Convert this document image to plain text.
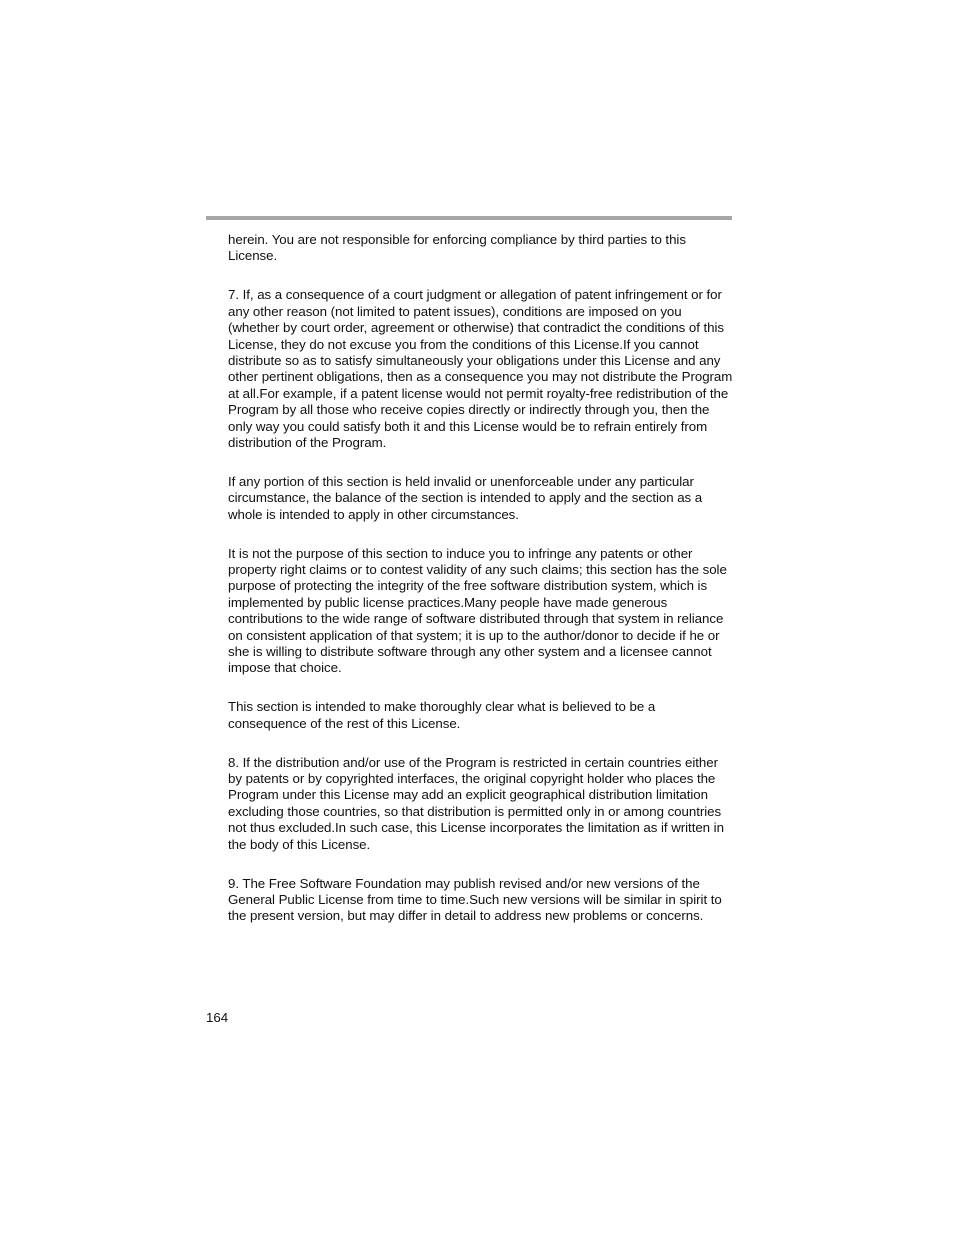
herein. You are not responsible for enforcing compliance by third parties to this License.

7. If, as a consequence of a court judgment or allegation of patent infringement or for any other reason (not limited to patent issues), conditions are imposed on you (whether by court order, agreement or otherwise) that contradict the conditions of this License, they do not excuse you from the conditions of this License.If you cannot distribute so as to satisfy simultaneously your obligations under this License and any other pertinent obligations, then as a consequence you may not distribute the Program at all.For example, if a patent license would not permit royalty-free redistribution of the Program by all those who receive copies directly or indirectly through you, then the only way you could satisfy both it and this License would be to refrain entirely from distribution of the Program.

If any portion of this section is held invalid or unenforceable under any particular circumstance, the balance of the section is intended to apply and the section as a whole is intended to apply in other circumstances.

It is not the purpose of this section to induce you to infringe any patents or other property right claims or to contest validity of any such claims; this section has the sole purpose of protecting the integrity of the free software distribution system, which is implemented by public license practices.Many people have made generous contributions to the wide range of software distributed through that system in reliance on consistent application of that system; it is up to the author/donor to decide if he or she is willing to distribute software through any other system and a licensee cannot impose that choice.

This section is intended to make thoroughly clear what is believed to be a consequence of the rest of this License.

8. If the distribution and/or use of the Program is restricted in certain countries either by patents or by copyrighted interfaces, the original copyright holder who places the Program under this License may add an explicit geographical distribution limitation excluding those countries, so that distribution is permitted only in or among countries not thus excluded.In such case, this License incorporates the limitation as if written in the body of this License.

9. The Free Software Foundation may publish revised and/or new versions of the General Public License from time to time.Such new versions will be similar in spirit to the present version, but may differ in detail to address new problems or concerns.

164
